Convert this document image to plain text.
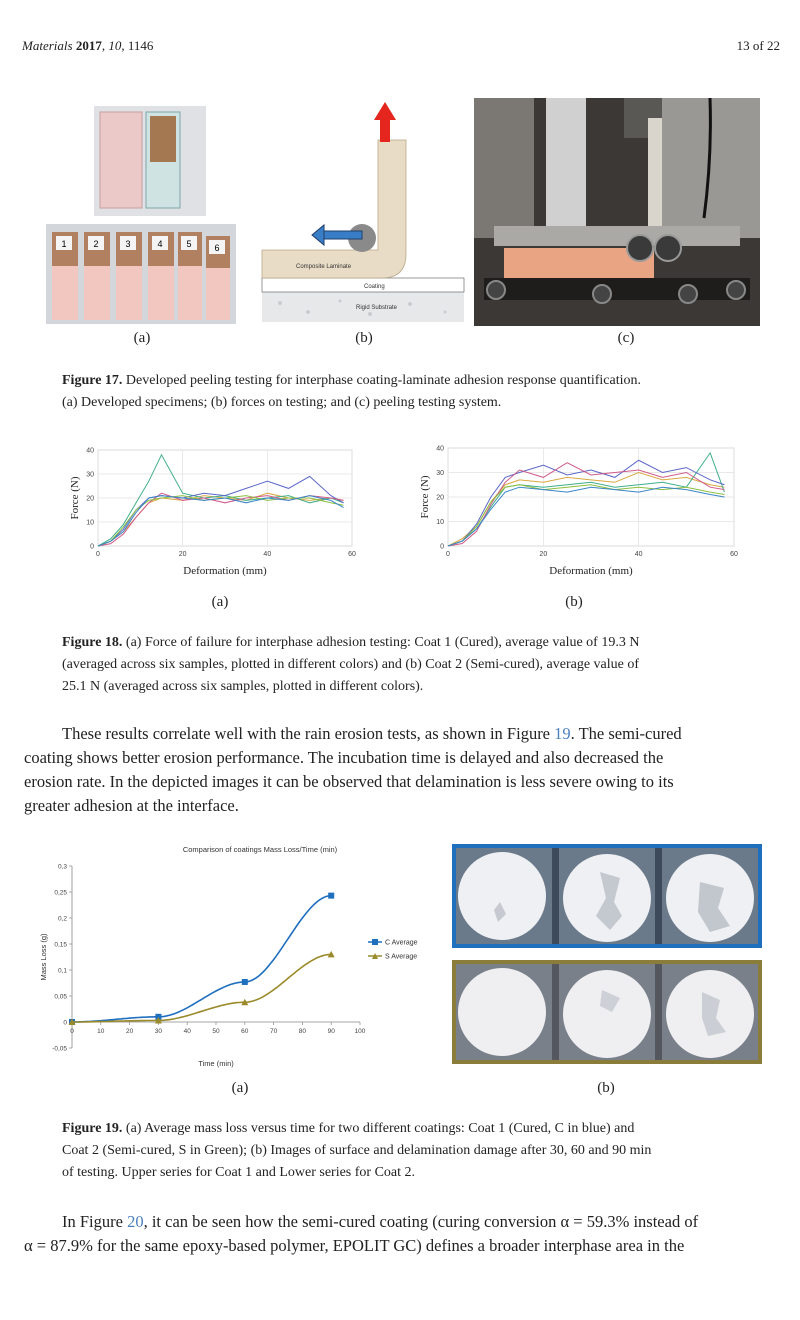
Materials 2017, 10, 1146	13 of 22
1	2	3	4	5	6
Composite Laminate
Coating
Rigid Substrate
(a)	(b)	(c)
Figure 17. Developed peeling testing for interphase coating-laminate adhesion response quantification.
(a) Developed specimens; (b) forces on testing; and (c) peeling testing system.
0	20	40	60
0
10
20
30
40
Deformation (mm)
Force (N)
0	20	40	60
0
10
20
30
40
Deformation (mm)
Force (N)
(a)	(b)
Figure 18. (a) Force of failure for interphase adhesion testing: Coat 1 (Cured), average value of 19.3 N
(averaged across six samples, plotted in different colors) and (b) Coat 2 (Semi-cured), average value of
25.1 N (averaged across six samples, plotted in different colors).

These results correlate well with the rain erosion tests, as shown in Figure 19. The semi-cured

coating shows better erosion performance. The incubation time is delayed and also decreased the
erosion rate. In the depicted images it can be observed that delamination is less severe owing to its
greater adhesion at the interface.
Comparison of coatings Mass Loss/Time (min)
-0,05
0
0,05
0,1
0,15
0,2
0,25
0,3
0	10	20	30	40	50	60	70	80	90	100
C Average
S Average
Time (min)
Mass Loss (g)
(a)	(b)
Figure 19. (a) Average mass loss versus time for two different coatings: Coat 1 (Cured, C in blue) and
Coat 2 (Semi-cured, S in Green); (b) Images of surface and delamination damage after 30, 60 and 90 min
of testing. Upper series for Coat 1 and Lower series for Coat 2.

In Figure 20, it can be seen how the semi-cured coating (curing conversion α = 59.3% instead of

α = 87.9% for the same epoxy-based polymer, EPOLIT GC) defines a broader interphase area in the
